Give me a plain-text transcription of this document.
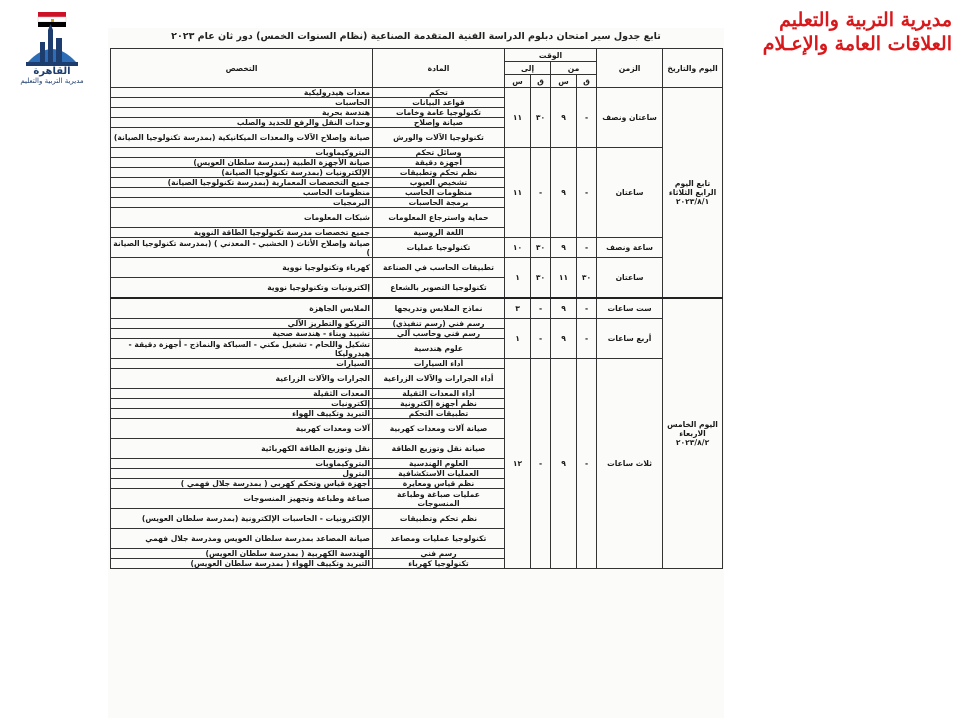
القاهرة
مديرية التربية والتعليم
مديرية التربية والتعليم
العلاقات العامة والإعـلام
تابع جدول سير امتحان دبلوم الدراسة الفنية المتقدمة الصناعية (نظام السنوات الخمس) دور ثان عام ٢٠٢٣
اليوم والتاريخ	الزمن	الوقت				المادة	التخصص
		من		إلى			
		ق	س	ق	س		
تابع اليوم الرابع الثلاثاء ٢٠٢٣/٨/١	ساعتان ونصف	-	٩	٣٠	١١	تحكم	معدات هيدروليكية
						قواعد البيانات	الحاسبات
						تكنولوجيا عامة وخامات	هندسة بحرية
						صيانة وإصلاح	وحدات النقل والرفع للحديد والصلب
						تكنولوجيا الآلات والورش	صيانة وإصلاح الآلات والمعدات الميكانيكية (بمدرسة تكنولوجيا الصيانة)
	ساعتان	-	٩	-	١١	وسائل تحكم	البتروكيماويات
						أجهزة دقيقة	صيانة الأجهزة الطبية (بمدرسة سلطان العويس)
						نظم تحكم وتطبيقات	الإلكترونيات (بمدرسة تكنولوجيا الصيانة)
						تشخيص العيوب	جميع التخصصات المعمارية (بمدرسة تكنولوجيا الصيانة)
						منظومات الحاسب	منظومات الحاسب
						برمجة الحاسبات	البرمجيات
						حماية واسترجاع المعلومات	شبكات المعلومات
						اللغة الروسية	جميع تخصصات مدرسة تكنولوجيا الطاقة النووية
	ساعة ونصف	-	٩	٣٠	١٠	تكنولوجيا عمليات	صيانة وإصلاح الأثاث ( الخشبي - المعدني ) (بمدرسة تكنولوجيا الصيانة )
	ساعتان	٣٠	١١	٣٠	١	تطبيقات الحاسب في الصناعة	كهرباء وتكنولوجيا نووية
						تكنولوجيا التصوير بالشعاع	إلكترونيات وتكنولوجيا نووية
اليوم الخامس الاربعاء ٢٠٢٣/٨/٢	ست ساعات	-	٩	-	٣	نماذج الملابس وتدريجها	الملابس الجاهزة
	أربع ساعات	-	٩	-	١	رسم فني (رسم تنفيذي)	التريكو والتطريز الآلي
						رسم فني وحاسب آلي	تشييد وبناء - هندسة صحية
						علوم هندسية	تشكيل واللحام - تشغيل مكني - السباكة والنماذج - أجهزة دقيقة - هيدروليكا
	ثلاث ساعات	-	٩	-	١٢	أداء السيارات	السيارات
						أداء الجرارات والآلات الزراعية	الجرارات والآلات الزراعية
						أداء المعدات الثقيلة	المعدات الثقيلة
						نظم أجهزة إلكترونية	إلكترونيات
						تطبيقات التحكم	التبريد وتكييف الهواء
						صيانة آلات ومعدات كهربية	آلات ومعدات كهربية
						صيانة نقل وتوزيع الطاقة	نقل وتوزيع الطاقة الكهربائية
						العلوم الهندسية	البتروكيماويات
						العمليات الاستكشافية	البترول
						نظم قياس ومعايرة	أجهزة قياس وتحكم كهربي ( بمدرسة جلال فهمي )
						عمليات صباغة وطباعة المنسوجات	صباغة وطباعة وتجهيز المنسوجات
						نظم تحكم وتطبيقات	الإلكترونيات - الحاسبات الإلكترونية (بمدرسة سلطان العويس)
						تكنولوجيا عمليات ومصاعد	صيانة المصاعد بمدرسة سلطان العويس ومدرسة جلال فهمي
						رسم فني	الهندسة الكهربية ( بمدرسة سلطان العويس)
						تكنولوجيا كهرباء	التبريد وتكييف الهواء ( بمدرسة سلطان العويس)
